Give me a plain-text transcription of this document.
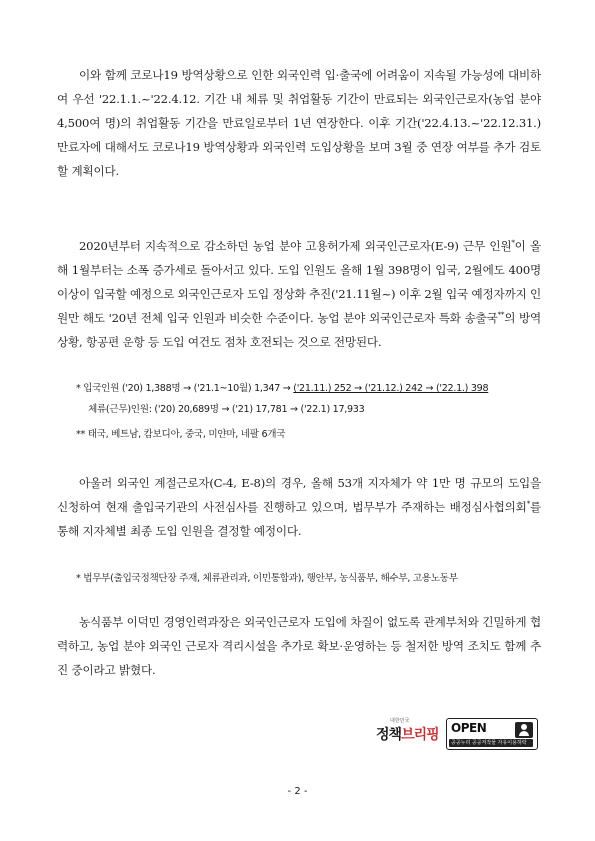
이와 함께 코로나19 방역상황으로 인한 외국인력 입·출국에 어려움이 지속될 가능성에 대비하여 우선 '22.1.1.~'22.4.12. 기간 내 체류 및 취업활동 기간이 만료되는 외국인근로자(농업 분야 4,500여 명)의 취업활동 기간을 만료일로부터 1년 연장한다. 이후 기간('22.4.13.~'22.12.31.) 만료자에 대해서도 코로나19 방역상황과 외국인력 도입상황을 보며 3월 중 연장 여부를 추가 검토할 계획이다.
2020년부터 지속적으로 감소하던 농업 분야 고용허가제 외국인근로자(E-9) 근무 인원*이 올해 1월부터는 소폭 증가세로 돌아서고 있다. 도입 인원도 올해 1월 398명이 입국, 2월에도 400명 이상이 입국할 예정으로 외국인근로자 도입 정상화 추진('21.11월~) 이후 2월 입국 예정자까지 인원만 해도 '20년 전체 입국 인원과 비슷한 수준이다. 농업 분야 외국인근로자 특화 송출국**의 방역상황, 항공편 운항 등 도입 여건도 점차 호전되는 것으로 전망된다.
* 입국인원 ('20) 1,388명 → ('21.1~10월) 1,347 → ('21.11.) 252 → ('21.12.) 242 → ('22.1.) 398
체류(근무)인원: ('20) 20,689명 → ('21) 17,781 → ('22.1) 17,933
** 태국, 베트남, 캄보디아, 중국, 미얀마, 네팔 6개국
아울러 외국인 계절근로자(C-4, E-8)의 경우, 올해 53개 지자체가 약 1만 명 규모의 도입을 신청하여 현재 출입국기관의 사전심사를 진행하고 있으며, 법무부가 주재하는 배정심사협의회*를 통해 지자체별 최종 도입 인원을 결정할 예정이다.
* 법무부(출입국정책단장 주재, 체류관리과, 이민통합과), 행안부, 농식품부, 해수부, 고용노동부
농식품부 이덕민 경영인력과장은 외국인근로자 도입에 차질이 없도록 관계부처와 긴밀하게 협력하고, 농업 분야 외국인 근로자 격리시설을 추가로 확보·운영하는 등 철저한 방역 조치도 함께 추진 중이라고 밝혔다.
대한민국
정책브리핑 OPEN
공공누리 공공저작물 자유이용허락
- 2 -
